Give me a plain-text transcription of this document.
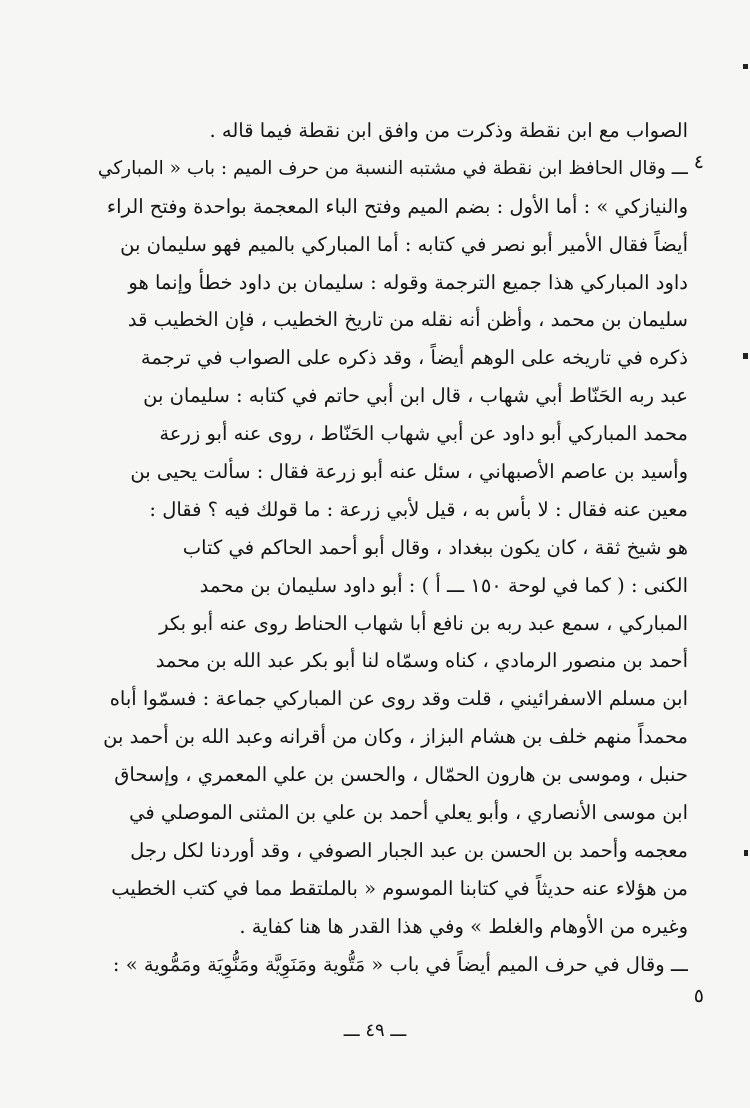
٤
٥
الصواب مع ابن نقطة وذكرت من وافق ابن نقطة فيما قاله .
ـــ وقال الحافظ ابن نقطة في مشتبه النسبة من حرف الميم : باب « المباركي
والنيازكي » : أما الأول : بضم الميم وفتح الباء المعجمة بواحدة وفتح الراء
أيضاً فقال الأمير أبو نصر في كتابه : أما المباركي بالميم فهو سليمان بن
داود المباركي هذا جميع الترجمة وقوله : سليمان بن داود خطأ وإنما هو
سليمان بن محمد ، وأظن أنه نقله من تاريخ الخطيب ، فإن الخطيب قد
ذكره في تاريخه على الوهم أيضاً ، وقد ذكره على الصواب في ترجمة
عبد ربه الحَنّاط أبي شهاب ، قال ابن أبي حاتم في كتابه : سليمان بن
محمد المباركي أبو داود عن أبي شهاب الحَنّاط ، روى عنه أبو زرعة
وأسيد بن عاصم الأصبهاني ، سئل عنه أبو زرعة فقال : سألت يحيى بن
معين عنه فقال : لا بأس به ، قيل لأبي زرعة : ما قولك فيه ؟ فقال :
هو شيخ ثقة ، كان يكون ببغداد ، وقال أبو أحمد الحاكم في كتاب
الكنى : ( كما في لوحة ١٥٠ ـــ أ ) : أبو داود سليمان بن محمد
المباركي ، سمع عبد ربه بن نافع أبا شهاب الحناط روى عنه أبو بكر
أحمد بن منصور الرمادي ، كناه وسمّاه لنا أبو بكر عبد الله بن محمد
ابن مسلم الاسفرائيني ، قلت وقد روى عن المباركي جماعة : فسمّوا أباه
محمداً منهم خلف بن هشام البزاز ، وكان من أقرانه وعبد الله بن أحمد بن
حنبل ، وموسى بن هارون الحمّال ، والحسن بن علي المعمري ، وإسحاق
ابن موسى الأنصاري ، وأبو يعلي أحمد بن علي بن المثنى الموصلي في
معجمه وأحمد بن الحسن بن عبد الجبار الصوفي ، وقد أوردنا لكل رجل
من هؤلاء عنه حديثاً في كتابنا الموسوم « بالملتقط مما في كتب الخطيب
وغيره من الأوهام والغلط » وفي هذا القدر ها هنا كفاية .
ـــ وقال في حرف الميم أيضاً في باب « مَتُّوية ومَنَوِيَّة ومَنُّوِيَة ومَمُّوية » :
ـــ ٤٩ ـــ
